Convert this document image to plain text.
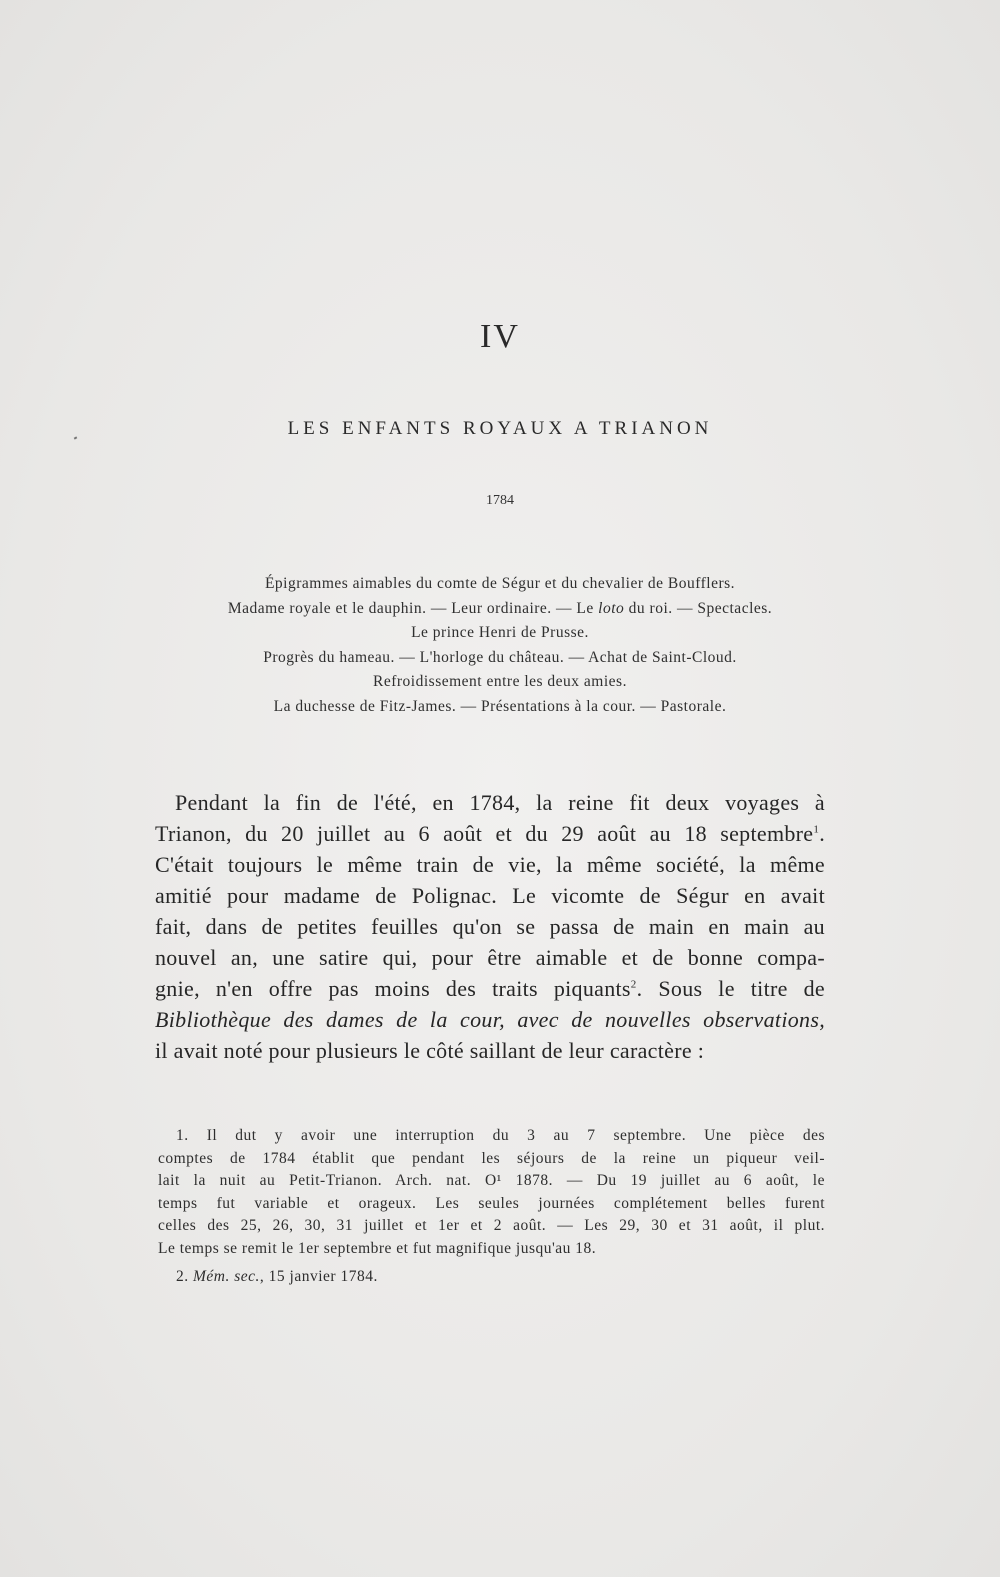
IV
LES ENFANTS ROYAUX A TRIANON
1784
Épigrammes aimables du comte de Ségur et du chevalier de Boufflers.
Madame royale et le dauphin. — Leur ordinaire. — Le loto du roi. — Spectacles.
Le prince Henri de Prusse.
Progrès du hameau. — L'horloge du château. — Achat de Saint-Cloud.
Refroidissement entre les deux amies.
La duchesse de Fitz-James. — Présentations à la cour. — Pastorale.
Pendant la fin de l'été, en 1784, la reine fit deux voyages à
Trianon, du 20 juillet au 6 août et du 29 août au 18 septembre$^1$.
C'était toujours le même train de vie, la même société, la même
amitié pour madame de Polignac. Le vicomte de Ségur en avait
fait, dans de petites feuilles qu'on se passa de main en main au
nouvel an, une satire qui, pour être aimable et de bonne compa-
gnie, n'en offre pas moins des traits piquants$^2$. Sous le titre de
Bibliothèque des dames de la cour, avec de nouvelles observations,
il avait noté pour plusieurs le côté saillant de leur caractère :
1. Il dut y avoir une interruption du 3 au 7 septembre. Une pièce des
comptes de 1784 établit que pendant les séjours de la reine un piqueur veil-
lait la nuit au Petit-Trianon. Arch. nat. O¹ 1878. — Du 19 juillet au 6 août, le
temps fut variable et orageux. Les seules journées complétement belles furent
celles des 25, 26, 30, 31 juillet et 1er et 2 août. — Les 29, 30 et 31 août, il plut.
Le temps se remit le 1er septembre et fut magnifique jusqu'au 18.
2. Mém. sec., 15 janvier 1784.
